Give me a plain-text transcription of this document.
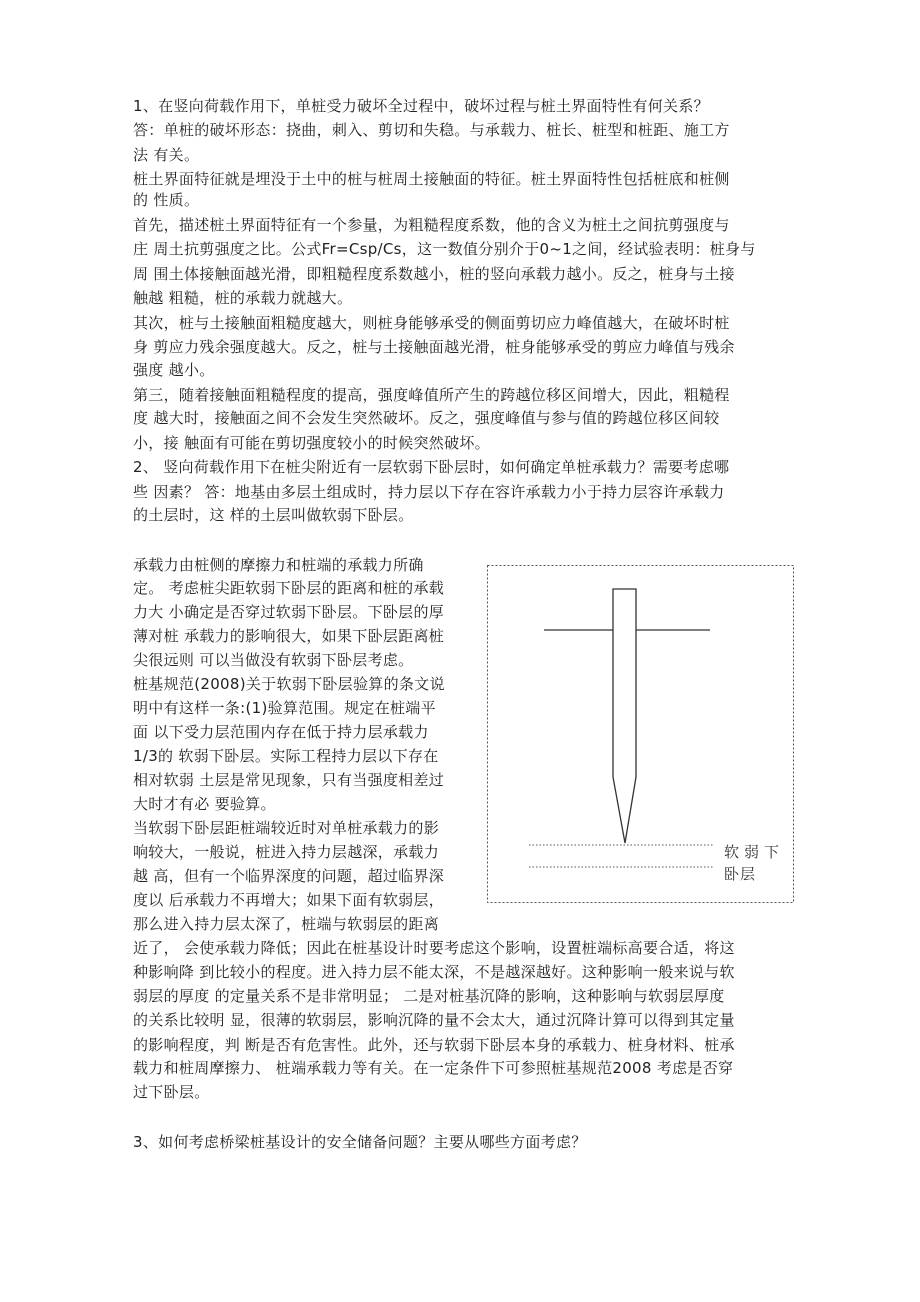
1、在竖向荷载作用下，单桩受力破坏全过程中，破坏过程与桩土界面特性有何关系？
答：单桩的破坏形态：挠曲，刺入、剪切和失稳。与承载力、桩长、桩型和桩距、施工方
法 有关。
桩土界面特征就是埋没于土中的桩与桩周土接触面的特征。桩土界面特性包括桩底和桩侧
的 性质。
首先，描述桩土界面特征有一个参量，为粗糙程度系数，他的含义为桩土之间抗剪强度与
庄 周土抗剪强度之比。公式Fr=Csp/Cs，这一数值分别介于0~1之间，经试验表明：桩身与
周 围土体接触面越光滑，即粗糙程度系数越小，桩的竖向承载力越小。反之，桩身与土接
触越 粗糙，桩的承载力就越大。
其次，桩与土接触面粗糙度越大，则桩身能够承受的侧面剪切应力峰值越大，在破坏时桩
身 剪应力残余强度越大。反之，桩与土接触面越光滑，桩身能够承受的剪应力峰值与残余
强度 越小。
第三，随着接触面粗糙程度的提高，强度峰值所产生的跨越位移区间增大，因此，粗糙程
度 越大时，接触面之间不会发生突然破坏。反之，强度峰值与参与值的跨越位移区间较
小，接 触面有可能在剪切强度较小的时候突然破坏。
2、 竖向荷载作用下在桩尖附近有一层软弱下卧层时，如何确定单桩承载力？需要考虑哪
些 因素？ 答：地基由多层土组成时，持力层以下存在容许承载力小于持力层容许承载力
的土层时，这 样的土层叫做软弱下卧层。
承载力由桩侧的摩擦力和桩端的承载力所确
定。 考虑桩尖距软弱下卧层的距离和桩的承载
力大 小确定是否穿过软弱下卧层。下卧层的厚
薄对桩 承载力的影响很大，如果下卧层距离桩
尖很远则 可以当做没有软弱下卧层考虑。
桩基规范(2008)关于软弱下卧层验算的条文说
明中有这样一条:(1)验算范围。规定在桩端平
面 以下受力层范围内存在低于持力层承载力
1/3的 软弱下卧层。实际工程持力层以下存在
相对软弱 土层是常见现象，只有当强度相差过
大时才有必 要验算。
当软弱下卧层距桩端较近时对单桩承载力的影
响较大，一般说，桩进入持力层越深，承载力
越 高，但有一个临界深度的问题，超过临界深
度以 后承载力不再增大；如果下面有软弱层，
那么进入持力层太深了，桩端与软弱层的距离
近了， 会使承载力降低；因此在桩基设计时要考虑这个影响，设置桩端标高要合适，将这
种影响降 到比较小的程度。进入持力层不能太深，不是越深越好。这种影响一般来说与软
弱层的厚度 的定量关系不是非常明显； 二是对桩基沉降的影响，这种影响与软弱层厚度
的关系比较明 显，很薄的软弱层，影响沉降的量不会太大，通过沉降计算可以得到其定量
的影响程度，判 断是否有危害性。此外，还与软弱下卧层本身的承载力、桩身材料、桩承
载力和桩周摩擦力、 桩端承载力等有关。在一定条件下可参照桩基规范2008 考虑是否穿
过下卧层。
3、如何考虑桥梁桩基设计的安全储备问题？主要从哪些方面考虑？
软弱下
卧层
